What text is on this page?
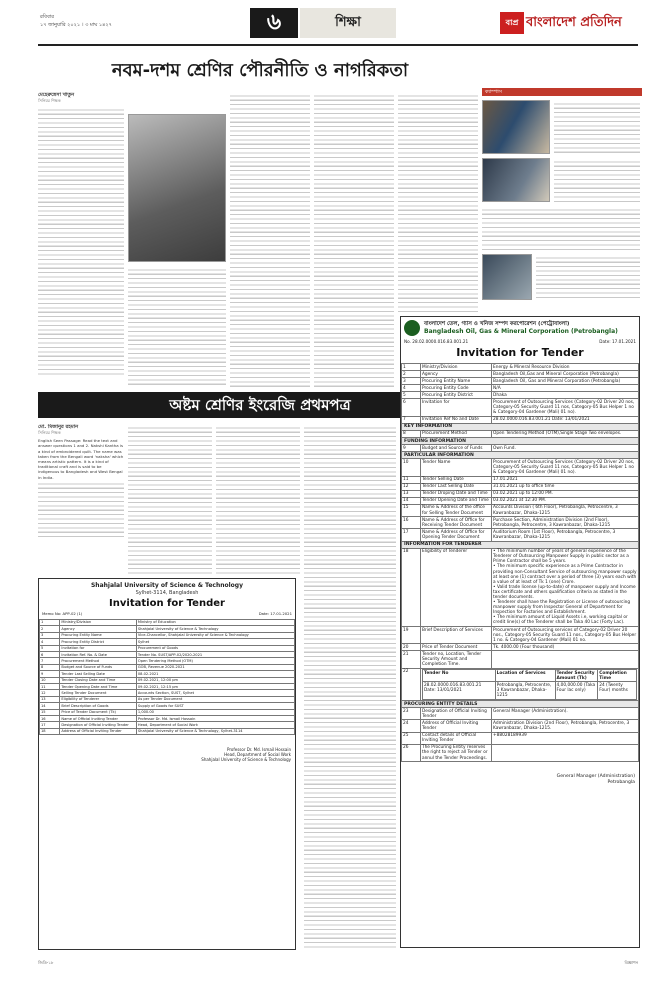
রবিবার
১৭ জানুয়ারি ২০২১ । ৩ মাঘ ১৪২৭	৬	শিক্ষা	বাপ্র বাংলাদেশ প্রতিদিন
নবম-দশম শ্রেণির পৌরনীতি ও নাগরিকতা
মেহেরুন্নেসা খাতুন
সিনিয়র শিক্ষক
ক্যাম্পাস
অষ্টম শ্রেণির ইংরেজি প্রথমপত্র
মো. মিজানুর রহমান
সিনিয়র শিক্ষক
English Seen Passage: Read the text and answer questions 1 and 2. Nakshi Kantha is a kind of embroidered quilt. The name was taken from the Bengali word 'naksha' which means artistic pattern. It is a kind of traditional craft and is said to be indigenous to Bangladesh and West Bengal in India.
Shahjalal University of Science & Technology
Sylhet-3114, Bangladesh
Invitation for Tender
Memo No: APP-02 (1)	Date: 17.01.2021
1	Ministry/Division	Ministry of Education
2	Agency	Shahjalal University of Science & Technology
3	Procuring Entity Name	Vice-Chancellor, Shahjalal University of Science & Technology
4	Procuring Entity District	Sylhet
5	Invitation for	Procurement of Goods
6	Invitation Ref. No. & Date	Tender No. SUST/APP-02/2020-2021
7	Procurement Method	Open Tendering Method (OTM)
8	Budget and Source of Funds	GOB, Revenue 2020-2021
9	Tender Last Selling Date	08.02.2021
10	Tender Closing Date and Time	09.02.2021, 12:00 pm
11	Tender Opening Date and Time	09.02.2021, 12:15 pm
12	Selling Tender Document	Accounts Section, SUST, Sylhet
13	Eligibility of Tenderer	As per Tender Document
14	Brief Description of Goods	Supply of Goods for SUST
15	Price of Tender Document (Tk)	1,000.00
16	Name of Official Inviting Tender	Professor Dr. Md. Ismail Hossain
17	Designation of Official Inviting Tender	Head, Department of Social Work
18	Address of Official Inviting Tender	Shahjalal University of Science & Technology, Sylhet-3114
Professor Dr. Md. Ismail Hossain
Head, Department of Social Work
Shahjalal University of Science & Technology
বাংলাদেশ তেল, গ্যাস ও খনিজ সম্পদ করপোরেশন (পেট্রোবাংলা)
Bangladesh Oil, Gas & Mineral Corporation (Petrobangla)
No. 28.02.0000.016.83.001.21	Date: 17.01.2021
Invitation for Tender
1	Ministry/Division	Energy & Mineral Resource Division
2	Agency	Bangladesh Oil,Gas and Mineral Corporation (Petrobangla)
3	Procuring Entity Name	Bangladesh Oil, Gas and Mineral Corporation (Petrobangla)
4	Procuring Entity Code	N/A
5	Procuring Entity District	Dhaka
6	Invitation for	Procurement of Outsourcing Services (Category-02 Driver 20 nos, Category-05 Security Guard 11 nos, Category-05 Bus Helper 1 no & Category-04 Gardener (Mali) 01 no).
7	Invitation Ref No and Date	28.02.0000.016.83.001.21 Date: 13/01/2021
KEY INFORMATION
8	Procurement Method	Open Tendering Method (OTM),Single Stage Two envelopes.
FUNDING INFORMATION
9	Budget and Source of Funds	Own Fund.
PARTICULAR INFORMATION
10	Tender Name	Procurement of Outsourcing Services (Category-02 Driver 20 nos, Category-05 Security Guard 11 nos, Category-05 Bus Helper 1 no & Category-04 Gardener (Mali) 01 no).
11	Tender Selling Date	17.01.2021
12	Tender Last Selling Date	31.01.2021 up to office time
13	Tender Droping Date and Time	03.02.2021 up to 12:00 PM.
14	Tender Opening Date and Time	03.02.2021 at 12:30 PM.
15	Name & Address of the office for Selling Tender Document	Accounts Division ( 6th Floor), Petrobangla, Petrocentre, 3 Kawranbazar, Dhaka-1215
16	Name & Address of Office for Receiving Tender Document	Purchase Section, Administration Division (2nd Floor), Petrobangla, Petrocentre, 3 Kawranbazar, Dhaka-1215
17	Name & Address of Office for Opening Tender Document	Auditorium Room (1st Floor), Petrobangla, Petrocentre, 3 Kawranbazar, Dhaka-1215
INFORMATION FOR TENDERER
18	Eligibility of Tenderer	• The minimum number of years of general experience of the Tenderer of Outsourcing Manpower Supply in public sector as a Prime Contractor shall be 5 years.
• The minimum specific experience as a Prime Contractor in providing non-Consultant Service of outsourcing manpower supply at least one (1) contract over a period of three (3) years each with a value of at least of Tk 1 (one) Crore.
• Valid trade license (up-to-date) of manpower supply and Income tax certificate and others qualification criteria as stated in the tender documents.
• Tenderer shall have the Registration or License of outsourcing manpower supply from Inspector General of Department for Inspection for Factories and Establishment.
• The minimum amount of Liquid Assets i.e, working capital or credit line(s) of the Tenderer shall be Taka 40 Lac (Forty Lac).

19	Brief Description of Services	Procurement of Outsourcing services of Category-02 Driver 20 nos., Category-05 Security Guard 11 nos., Category-05 Bus Helper 1 no. & Category-04 Gardener (Mali) 01 no.
20	Price of Tender Document	Tk. 4000.00 (Four thousand)
21	Tender no, Location, Tender Security Amount and Completion Time.	
22		Tender No	Location of Services	Tender Security Amount (Tk)	Completion Time
28.02.0000.016.83.001.21 Date: 13/01/2021	Petrobangla, Petrocentre, 3 Kawranbazar, Dhaka-1215	4,00,000.00 (Taka Four lac only)	24 (Twenty Four) months

PROCURING ENTITY DETAILS
23	Designation of Official Inviting Tender	General Manager (Administration).
24	Address of Official Inviting Tender	Administration Division (2nd Floor), Petrobangla, Petrocentre, 3 Kawranbazar, Dhaka-1215.
25	Contact details of Official Inviting Tender	+88028189939
26	The Procuring Entity reserves the right to reject all Tender or annul the Tender Proceedings.	
General Manager (Administration)
Petrobangla
জিডি-১৮	বিজ্ঞাপন
